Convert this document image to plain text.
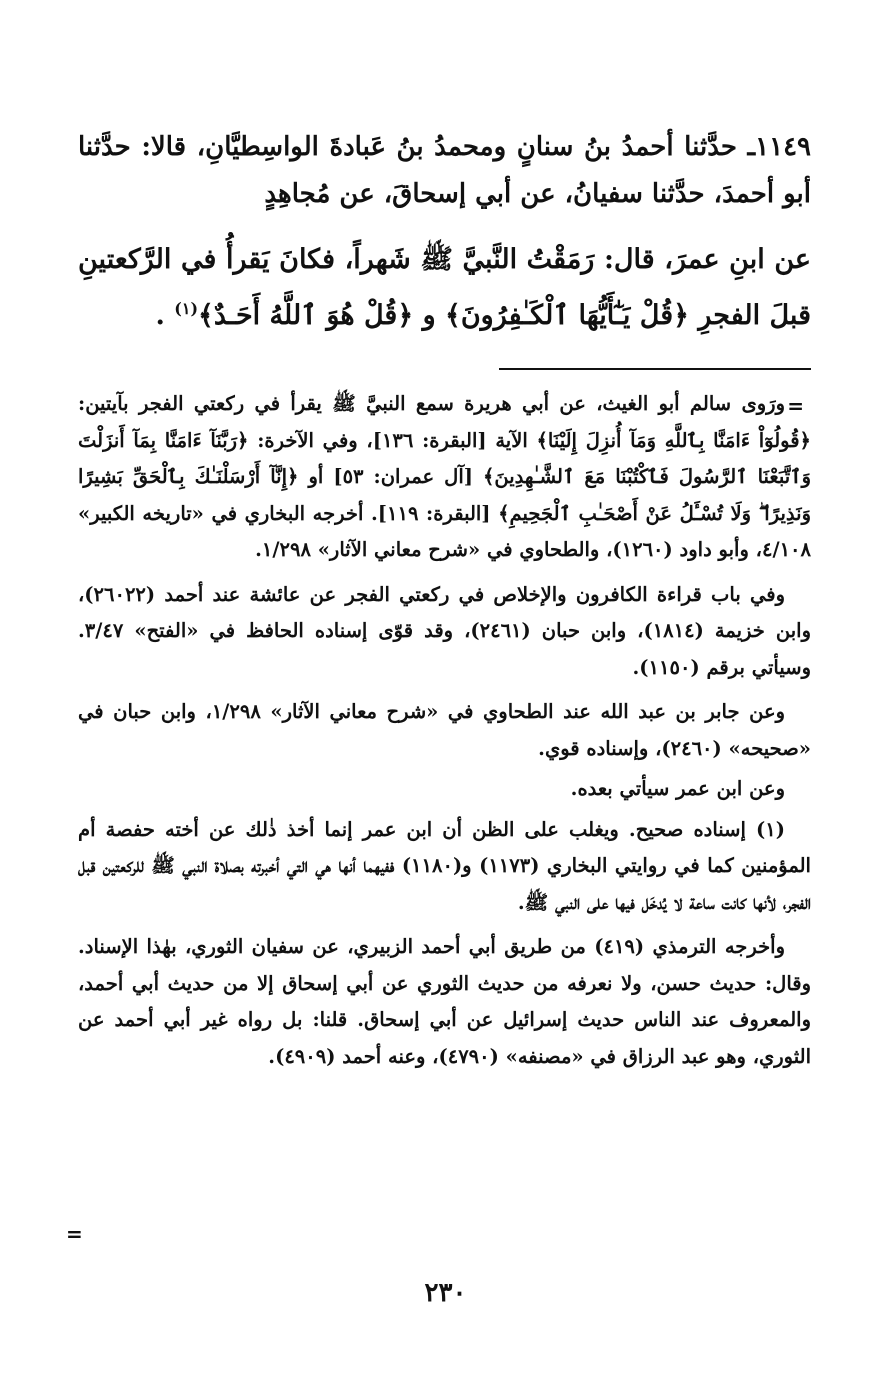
١١٤٩ـ حدَّثنا أحمدُ بنُ سنانٍ ومحمدُ بنُ عَبادةَ الواسِطيَّانِ، قالا: حدَّثنا أبو أحمدَ، حدَّثنا سفيانُ، عن أبي إسحاقَ، عن مُجاهِدٍ

عن ابنِ عمرَ، قال: رَمَقْتُ النَّبيَّ ﷺ شَهراً، فكانَ يَقرأُ في الرَّكعتينِ قبلَ الفجرِ ﴿قُلْ يَـٰٓأَيُّهَا ٱلْكَـٰفِرُونَ﴾ و ﴿قُلْ هُوَ ٱللَّهُ أَحَـدٌ﴾$^{(١)}$ .

=

ورَوى سالم أبو الغيث، عن أبي هريرة سمع النبيَّ ﷺ يقرأ في ركعتي الفجر بآيتين: ﴿قُولُوٓاْ ءَامَنَّا بِٱللَّهِ وَمَآ أُنزِلَ إِلَيْنَا﴾ الآية [البقرة: ١٣٦]، وفي الآخرة: ﴿رَبَّنَآ ءَامَنَّا بِمَآ أَنزَلْتَ وَٱتَّبَعْنَا ٱلرَّسُولَ فَٱكْتُبْنَا مَعَ ٱلشَّـٰهِدِينَ﴾ [آل عمران: ٥٣] أو ﴿إِنَّآ أَرْسَلْنَـٰكَ بِٱلْحَقِّ بَشِيرًا وَنَذِيرًا ۖ وَلَا تُسْـَٔلُ عَنْ أَصْحَـٰبِ ٱلْجَحِيمِ﴾ [البقرة: ١١٩]. أخرجه البخاري في «تاريخه الكبير» ٤/١٠٨، وأبو داود (١٢٦٠)، والطحاوي في «شرح معاني الآثار» ١/٢٩٨.

وفي باب قراءة الكافرون والإخلاص في ركعتي الفجر عن عائشة عند أحمد (٢٦٠٢٢)، وابن خزيمة (١٨١٤)، وابن حبان (٢٤٦١)، وقد قوّى إسناده الحافظ في «الفتح» ٣/٤٧. وسيأتي برقم (١١٥٠).

وعن جابر بن عبد الله عند الطحاوي في «شرح معاني الآثار» ١/٢٩٨، وابن حبان في «صحيحه» (٢٤٦٠)، وإسناده قوي.

وعن ابن عمر سيأتي بعده.

(١) إسناده صحيح. ويغلب على الظن أن ابن عمر إنما أخذ ذٰلك عن أخته حفصة أم المؤمنين كما في روايتي البخاري (١١٧٣) و(١١٨٠) ففيهما أنها هي التي أخبرته بصلاة النبي ﷺ للركعتين قبل الفجر، لأنها كانت ساعة لا يُدخَل فيها على النبي ﷺ.

وأخرجه الترمذي (٤١٩) من طريق أبي أحمد الزبيري، عن سفيان الثوري، بهٰذا الإسناد. وقال: حديث حسن، ولا نعرفه من حديث الثوري عن أبي إسحاق إلا من حديث أبي أحمد، والمعروف عند الناس حديث إسرائيل عن أبي إسحاق. قلنا: بل رواه غير أبي أحمد عن الثوري، وهو عبد الرزاق في «مصنفه» (٤٧٩٠)، وعنه أحمد (٤٩٠٩).

=
٢٣٠
